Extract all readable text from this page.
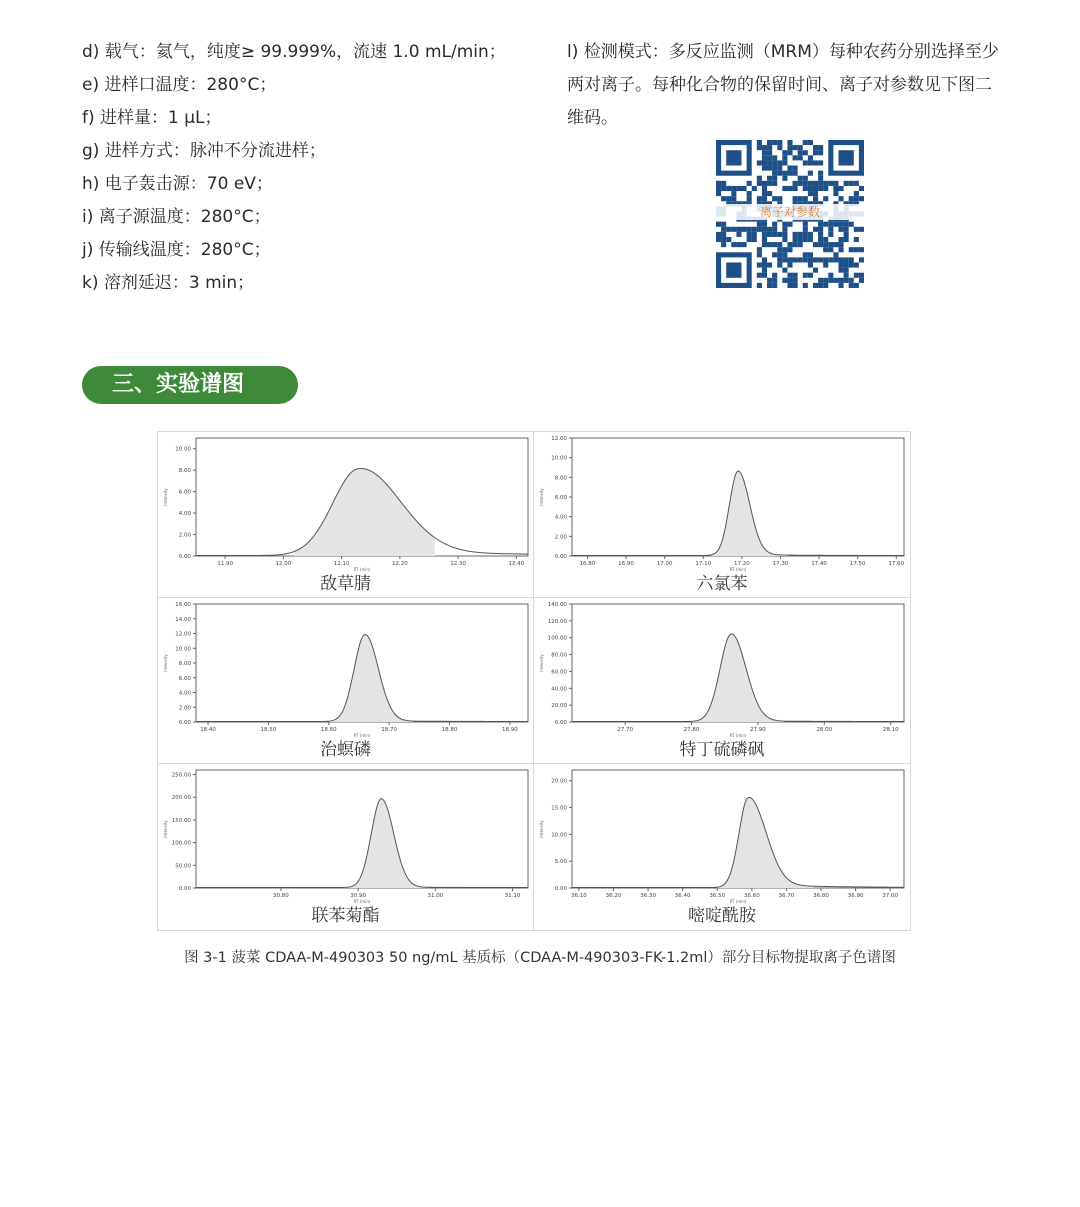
d) 载气：氦气，纯度≥ 99.999%，流速 1.0 mL/min；
e) 进样口温度：280°C；
f) 进样量：1 μL；
g) 进样方式：脉冲不分流进样；
h) 电子轰击源：70 eV；
i) 离子源温度：280°C；
j) 传输线温度：280°C；
k) 溶剂延迟：3 min；
l) 检测模式：多反应监测（MRM）每种农药分别选择至少两对离子。每种化合物的保留时间、离子对参数见下图二维码。
离子对参数
三、实验谱图
0.00
2.00
4.00
6.00
8.00
10.00
11.90	12.00	12.10	12.20	12.30	12.40
RT (min)
Intensity
敌草腈
0.00
2.00
4.00
6.00
8.00
10.00
12.00
16.80	16.90	17.00	17.10	17.20	17.30	17.40	17.50	17.60
RT (min)
Intensity
六氯苯
0.00
2.00
4.00
6.00
8.00
10.00
12.00
14.00
16.00
18.40	18.50	18.60	18.70	18.80	18.90
RT (min)
Intensity
治螟磷
0.00
20.00
40.00
60.00
80.00
100.00
120.00
140.00
27.70	27.80	27.90	28.00	28.10
RT (min)
Intensity
特丁硫磷砜
0.00
50.00
100.00
150.00
200.00
250.00
30.80	30.90	31.00	31.10
RT (min)
Intensity
联苯菊酯
0.00
5.00
10.00
15.00
20.00
36.10	36.20	36.30	36.40	36.50	36.60	36.70	36.80	36.90	37.00
RT (min)
Intensity
嘧啶酰胺
图 3-1 菠菜 CDAA-M-490303 50 ng/mL 基质标（CDAA-M-490303-FK-1.2ml）部分目标物提取离子色谱图
